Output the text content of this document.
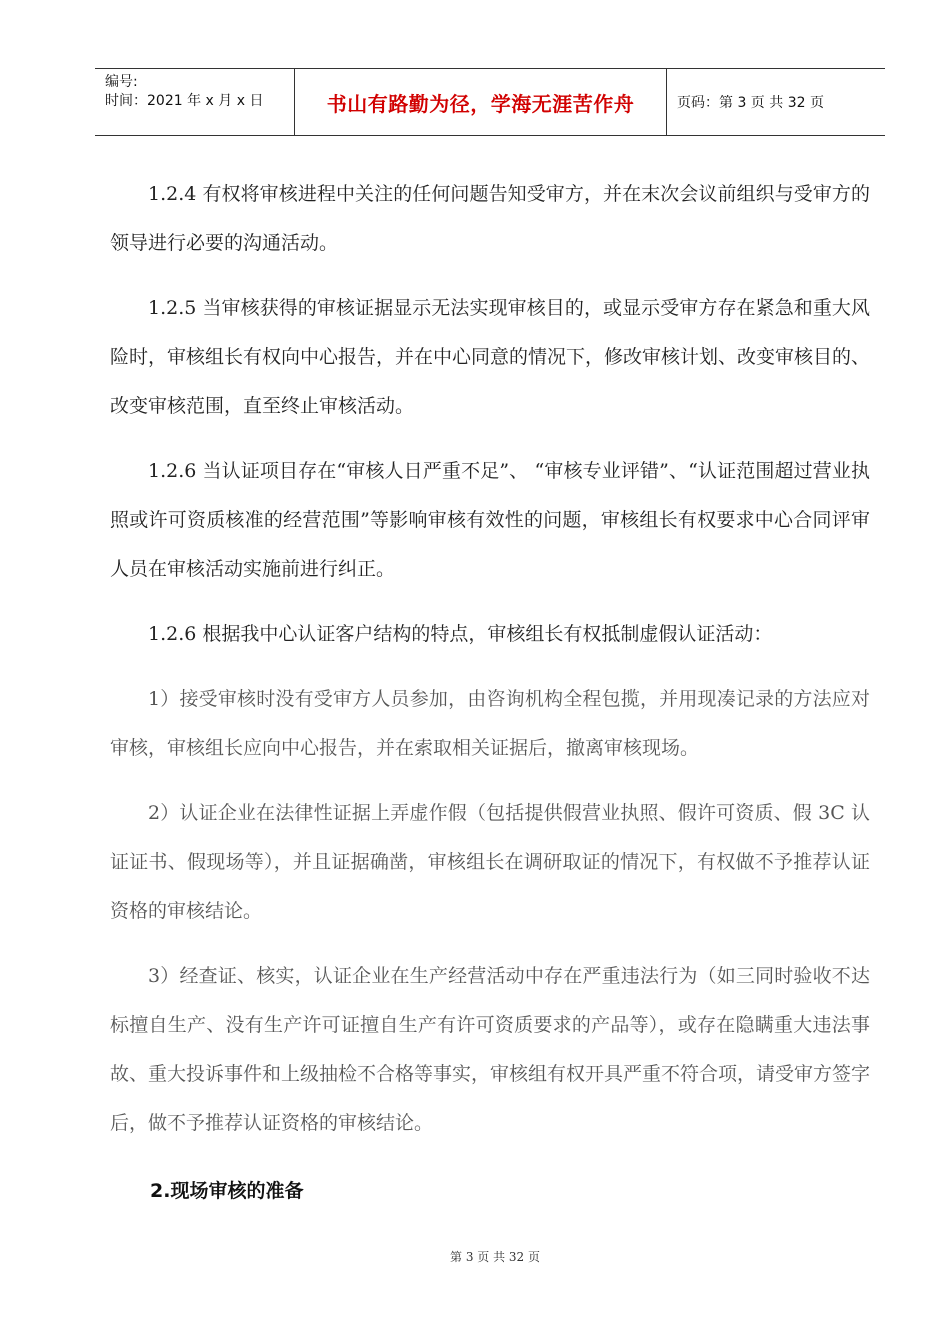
编号:
时间：2021 年 x 月 x 日	书山有路勤为径，学海无涯苦作舟	页码：第 3 页 共 32 页

1.2.4 有权将审核进程中关注的任何问题告知受审方，并在末次会议前组织与受审方的领导进行必要的沟通活动。

1.2.5 当审核获得的审核证据显示无法实现审核目的，或显示受审方存在紧急和重大风险时，审核组长有权向中心报告，并在中心同意的情况下，修改审核计划、改变审核目的、改变审核范围，直至终止审核活动。

1.2.6 当认证项目存在“审核人日严重不足”、 “审核专业评错”、“认证范围超过营业执照或许可资质核准的经营范围”等影响审核有效性的问题，审核组长有权要求中心合同评审人员在审核活动实施前进行纠正。

1.2.6 根据我中心认证客户结构的特点，审核组长有权抵制虚假认证活动：

1）接受审核时没有受审方人员参加，由咨询机构全程包揽，并用现凑记录的方法应对审核，审核组长应向中心报告，并在索取相关证据后，撤离审核现场。

2）认证企业在法律性证据上弄虚作假（包括提供假营业执照、假许可资质、假 3C 认证证书、假现场等），并且证据确凿，审核组长在调研取证的情况下，有权做不予推荐认证资格的审核结论。

3）经查证、核实，认证企业在生产经营活动中存在严重违法行为（如三同时验收不达标擅自生产、没有生产许可证擅自生产有许可资质要求的产品等），或存在隐瞒重大违法事故、重大投诉事件和上级抽检不合格等事实，审核组有权开具严重不符合项，请受审方签字后，做不予推荐认证资格的审核结论。

2.现场审核的准备
第 3 页 共 32 页
